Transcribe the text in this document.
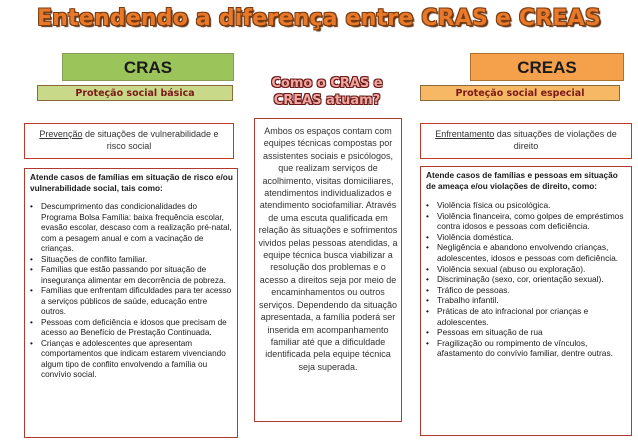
Entendendo a diferença entre CRAS e CREAS
CRAS
Proteção social básica
Prevenção de situações de vulnerabilidade e risco social
Atende casos de famílias em situação de risco e/ou vulnerabilidade social, tais como:
• Descumprimento das condicionalidades do Programa Bolsa Família: baixa frequência escolar, evasão escolar, descaso com a realização pré-natal, com a pesagem anual e com a vacinação de crianças.
• Situações de conflito familiar.
• Famílias que estão passando por situação de insegurança alimentar em decorrência de pobreza.
• Famílias que enfrentam dificuldades para ter acesso a serviços públicos de saúde, educação entre outros.
• Pessoas com deficiência e idosos que precisam de acesso ao Benefício de Prestação Continuada.
• Crianças e adolescentes que apresentam comportamentos que indicam estarem vivenciando algum tipo de conflito envolvendo a família ou convívio social.
Como o CRAS e CREAS atuam?
Ambos os espaços contam com equipes técnicas compostas por assistentes sociais e psicólogos, que realizam serviços de acolhimento, visitas domiciliares, atendimentos individualizados e atendimento sociofamiliar. Através de uma escuta qualificada em relação às situações e sofrimentos vividos pelas pessoas atendidas, a equipe técnica busca viabilizar a resolução dos problemas e o acesso a direitos seja por meio de encaminhamentos ou outros serviços. Dependendo da situação apresentada, a família poderá ser inserida em acompanhamento familiar até que a dificuldade identificada pela equipe técnica seja superada.
CREAS
Proteção social especial
Enfrentamento das situações de violações de direito
Atende casos de famílias e pessoas em situação de ameaça e/ou violações de direito, como:
• Violência física ou psicológica.
• Violência financeira, como golpes de empréstimos contra idosos e pessoas com deficiência.
• Violência doméstica.
• Negligência e abandono envolvendo crianças, adolescentes, idosos e pessoas com deficiência.
• Violência sexual (abuso ou exploração).
• Discriminação (sexo, cor, orientação sexual).
• Tráfico de pessoas.
• Trabalho infantil.
• Práticas de ato infracional por crianças e adolescentes.
• Pessoas em situação de rua
• Fragilização ou rompimento de vínculos, afastamento do convívio familiar, dentre outras.
